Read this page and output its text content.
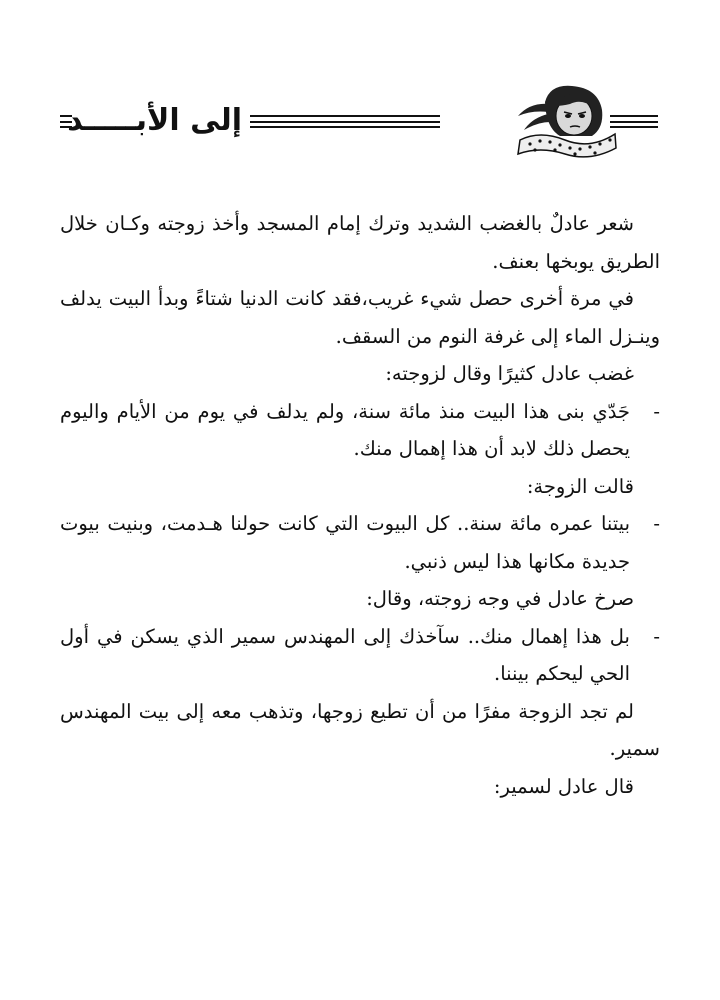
إلى الأبـــــد

شعر عادلٌ بالغضب الشديد وترك إمام المسجد وأخذ زوجته وكـان خلال الطريق يوبخها بعنف.

في مرة أخرى حصل شيء غريب،فقد كانت الدنيا شتاءً وبدأ البيت يدلف وينـزل الماء إلى غرفة النوم من السقف.

غضب عادل كثيرًا وقال لزوجته:

-
جَدّي بنى هذا البيت منذ مائة سنة، ولم يدلف في يوم من الأيام واليوم يحصل ذلك لابد أن هذا إهمال منك.

قالت الزوجة:

-
بيتنا عمره مائة سنة.. كل البيوت التي كانت حولنا هـدمت، وبنيت بيوت جديدة مكانها هذا ليس ذنبي.

صرخ عادل في وجه زوجته، وقال:

-
بل هذا إهمال منك.. سآخذك إلى المهندس سمير الذي يسكن في أول الحي ليحكم بيننا.

لم تجد الزوجة مفرًا من أن تطيع زوجها، وتذهب معه إلى بيت المهندس سمير.

قال عادل لسمير:
